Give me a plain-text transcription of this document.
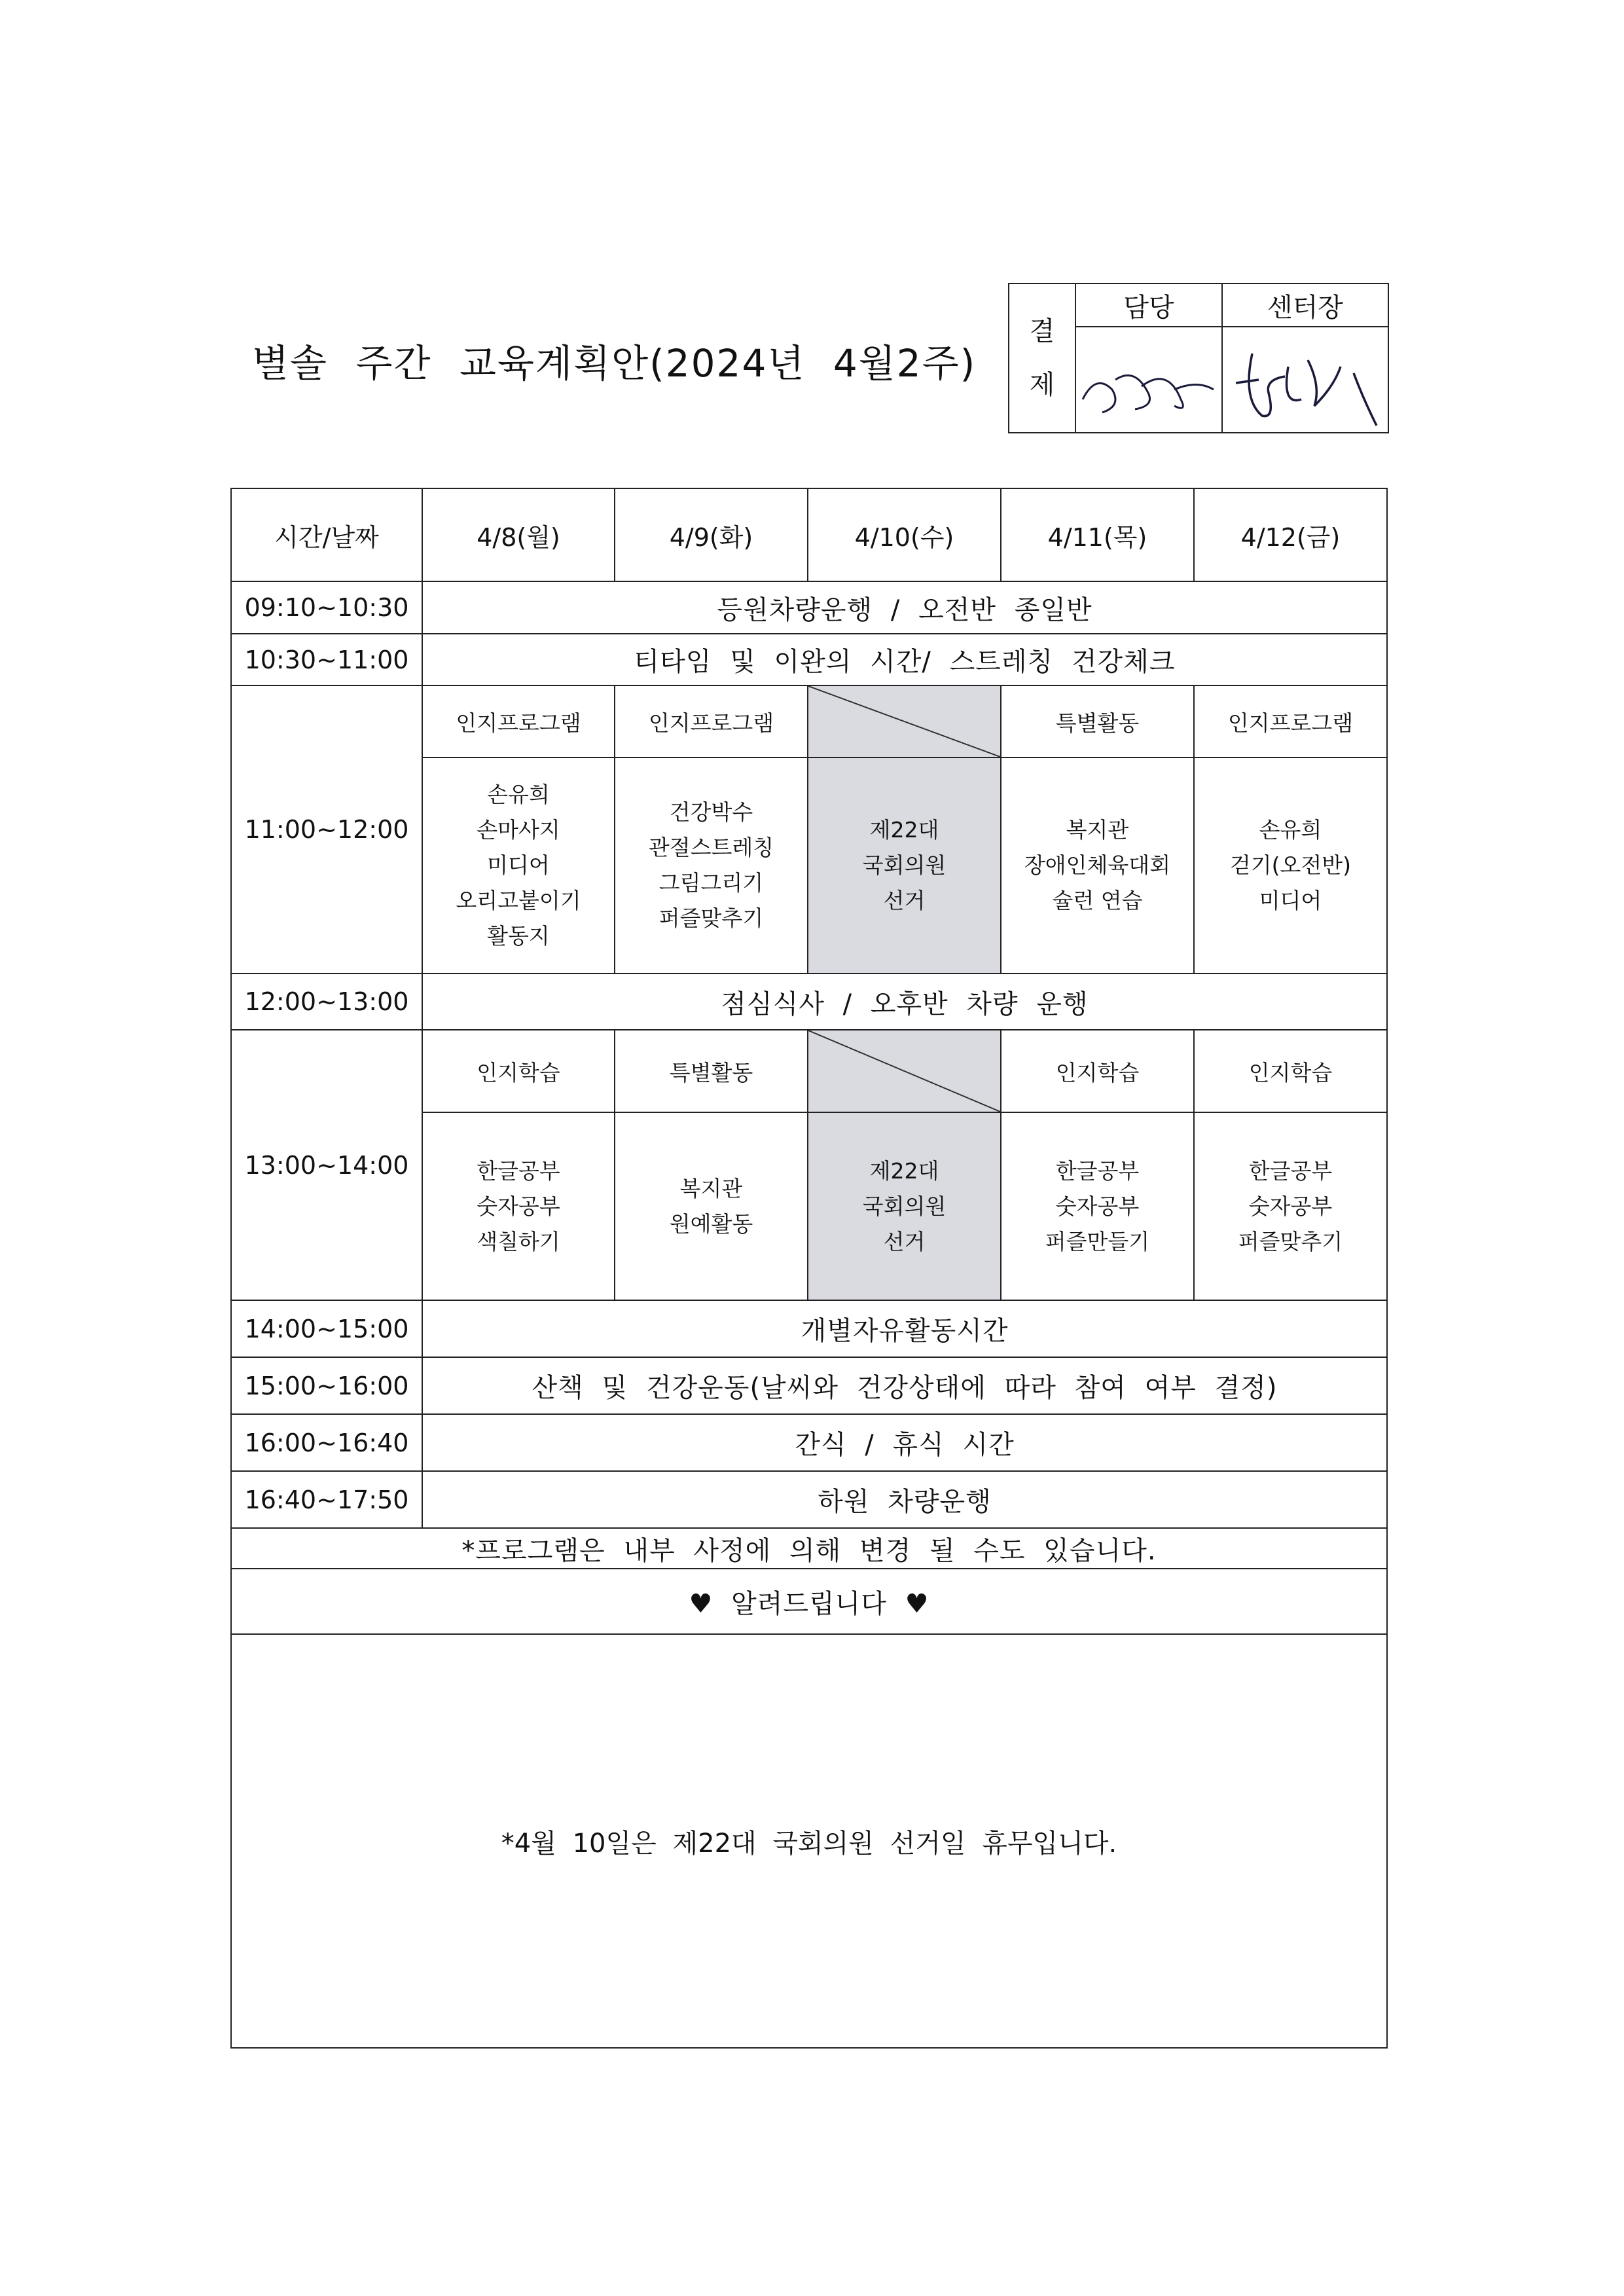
별솔 주간 교육계획안(2024년 4월2주)
결
제	담당	센터장

시간/날짜	4/8(월)	4/9(화)	4/10(수)	4/11(목)	4/12(금)
09:10~10:30	등원차량운행 / 오전반 종일반				
10:30~11:00	티타임 및 이완의 시간/ 스트레칭 건강체크				
11:00~12:00	인지프로그램	인지프로그램		특별활동	인지프로그램

	손유희
손마사지
미디어
오리고붙이기
활동지	건강박수
관절스트레칭
그림그리기
퍼즐맞추기	제22대
국회의원
선거	복지관
장애인체육대회
슐런 연습	손유희
걷기(오전반)
미디어

12:00~13:00	점심식사 / 오후반 차량 운행				
13:00~14:00	인지학습	특별활동		인지학습	인지학습

	한글공부
숫자공부
색칠하기	복지관
원예활동	제22대
국회의원
선거	한글공부
숫자공부
퍼즐만들기	한글공부
숫자공부
퍼즐맞추기

14:00~15:00	개별자유활동시간				
15:00~16:00	산책 및 건강운동(날씨와 건강상태에 따라 참여 여부 결정)				
16:00~16:40	간식 / 휴식 시간				
16:40~17:50	하원 차량운행				
*프로그램은 내부 사정에 의해 변경 될 수도 있습니다.					
♥ 알려드립니다 ♥					
*4월 10일은 제22대 국회의원 선거일 휴무입니다.					
